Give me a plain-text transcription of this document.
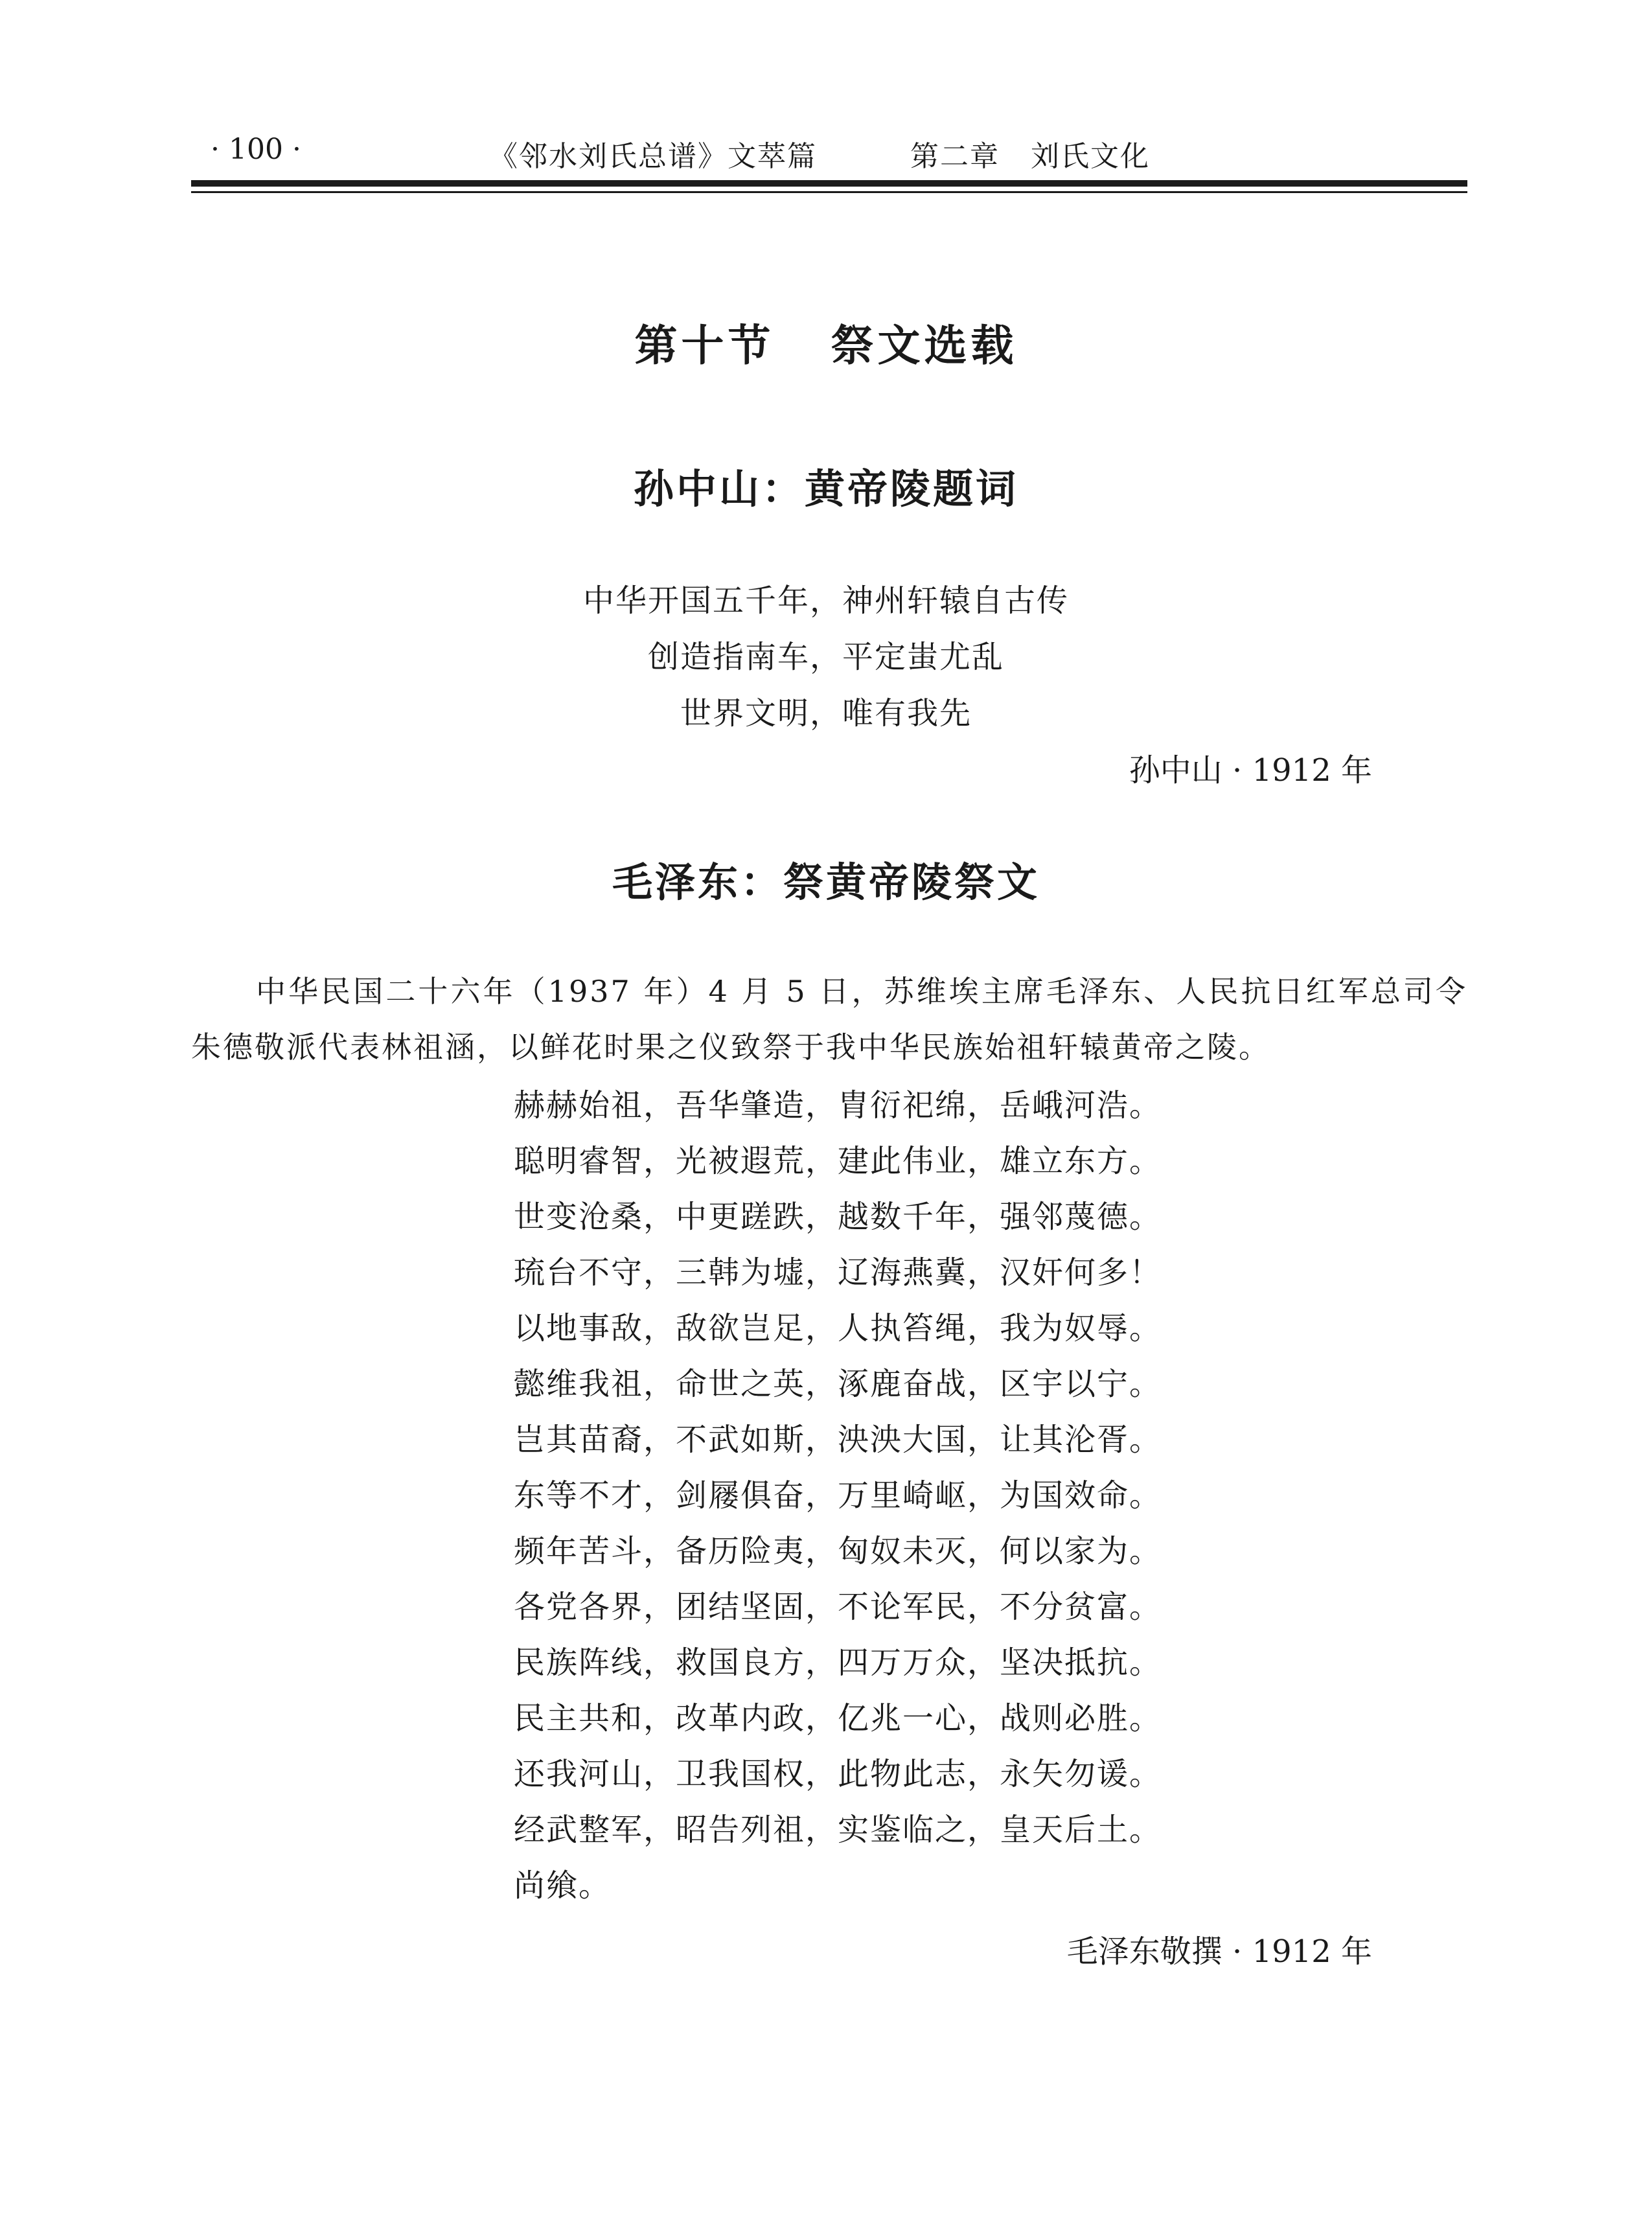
· 100 ·	《邻水刘氏总谱》文萃篇	第二章   刘氏文化
第十节   祭文选载
孙中山：黄帝陵题词
中华开国五千年，神州轩辕自古传
创造指南车，平定蚩尤乱
世界文明，唯有我先
孙中山 · 1912 年
毛泽东：祭黄帝陵祭文

中华民国二十六年（1937 年）4 月 5 日，苏维埃主席毛泽东、人民抗日红军总司令朱德敬派代表林祖涵，以鲜花时果之仪致祭于我中华民族始祖轩辕黄帝之陵。

赫赫始祖，吾华肇造，胄衍祀绵，岳峨河浩。
聪明睿智，光被遐荒，建此伟业，雄立东方。
世变沧桑，中更蹉跌，越数千年，强邻蔑德。
琉台不守，三韩为墟，辽海燕冀，汉奸何多！
以地事敌，敌欲岂足，人执笞绳，我为奴辱。
懿维我祖，命世之英，涿鹿奋战，区宇以宁。
岂其苗裔，不武如斯，泱泱大国，让其沦胥。
东等不才，剑屦俱奋，万里崎岖，为国效命。
频年苦斗，备历险夷，匈奴未灭，何以家为。
各党各界，团结坚固，不论军民，不分贫富。
民族阵线，救国良方，四万万众，坚决抵抗。
民主共和，改革内政，亿兆一心，战则必胜。
还我河山，卫我国权，此物此志，永矢勿谖。
经武整军，昭告列祖，实鉴临之，皇天后土。
尚飨。
毛泽东敬撰 · 1912 年
